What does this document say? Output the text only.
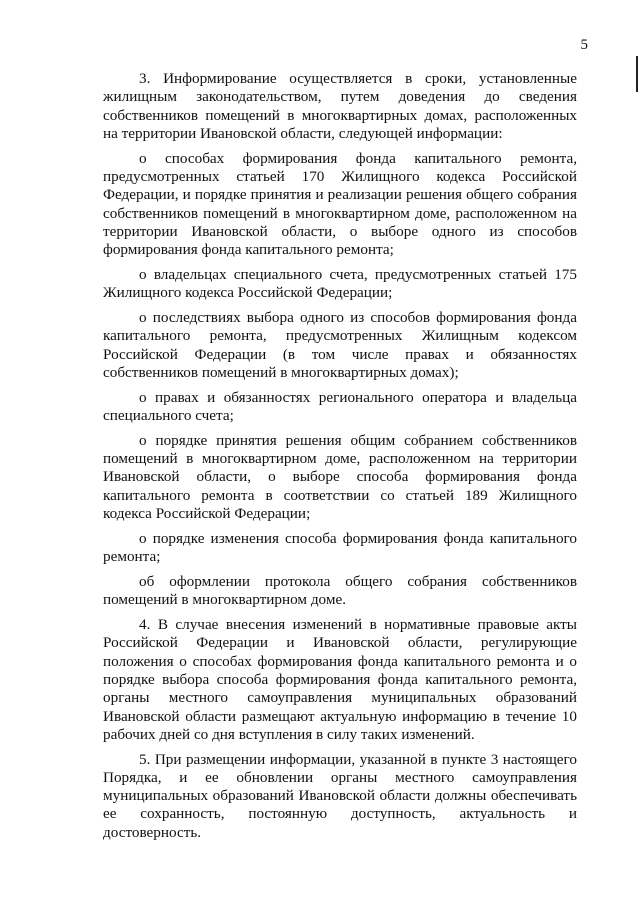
5

3. Информирование осуществляется в сроки, установленные жилищным законодательством, путем доведения до сведения собственников помещений в многоквартирных домах, расположенных на территории Ивановской области, следующей информации:

о способах формирования фонда капитального ремонта, предусмотренных статьей 170 Жилищного кодекса Российской Федерации, и порядке принятия и реализации решения общего собрания собственников помещений в многоквартирном доме, расположенном на территории Ивановской области, о выборе одного из способов формирования фонда капитального ремонта;

о владельцах специального счета, предусмотренных статьей 175 Жилищного кодекса Российской Федерации;

о последствиях выбора одного из способов формирования фонда капитального ремонта, предусмотренных Жилищным кодексом Российской Федерации (в том числе правах и обязанностях собственников помещений в многоквартирных домах);

о правах и обязанностях регионального оператора и владельца специального счета;

о порядке принятия решения общим собранием собственников помещений в многоквартирном доме, расположенном на территории Ивановской области, о выборе способа формирования фонда капитального ремонта в соответствии со статьей 189 Жилищного кодекса Российской Федерации;

о порядке изменения способа формирования фонда капитального ремонта;

об оформлении протокола общего собрания собственников помещений в многоквартирном доме.

4. В случае внесения изменений в нормативные правовые акты Российской Федерации и Ивановской области, регулирующие положения о способах формирования фонда капитального ремонта и о порядке выбора способа формирования фонда капитального ремонта, органы местного самоуправления муниципальных образований Ивановской области размещают актуальную информацию в течение 10 рабочих дней со дня вступления в силу таких изменений.

5. При размещении информации, указанной в пункте 3 настоящего Порядка, и ее обновлении органы местного самоуправления муниципальных образований Ивановской области должны обеспечивать ее сохранность, постоянную доступность, актуальность и достоверность.
